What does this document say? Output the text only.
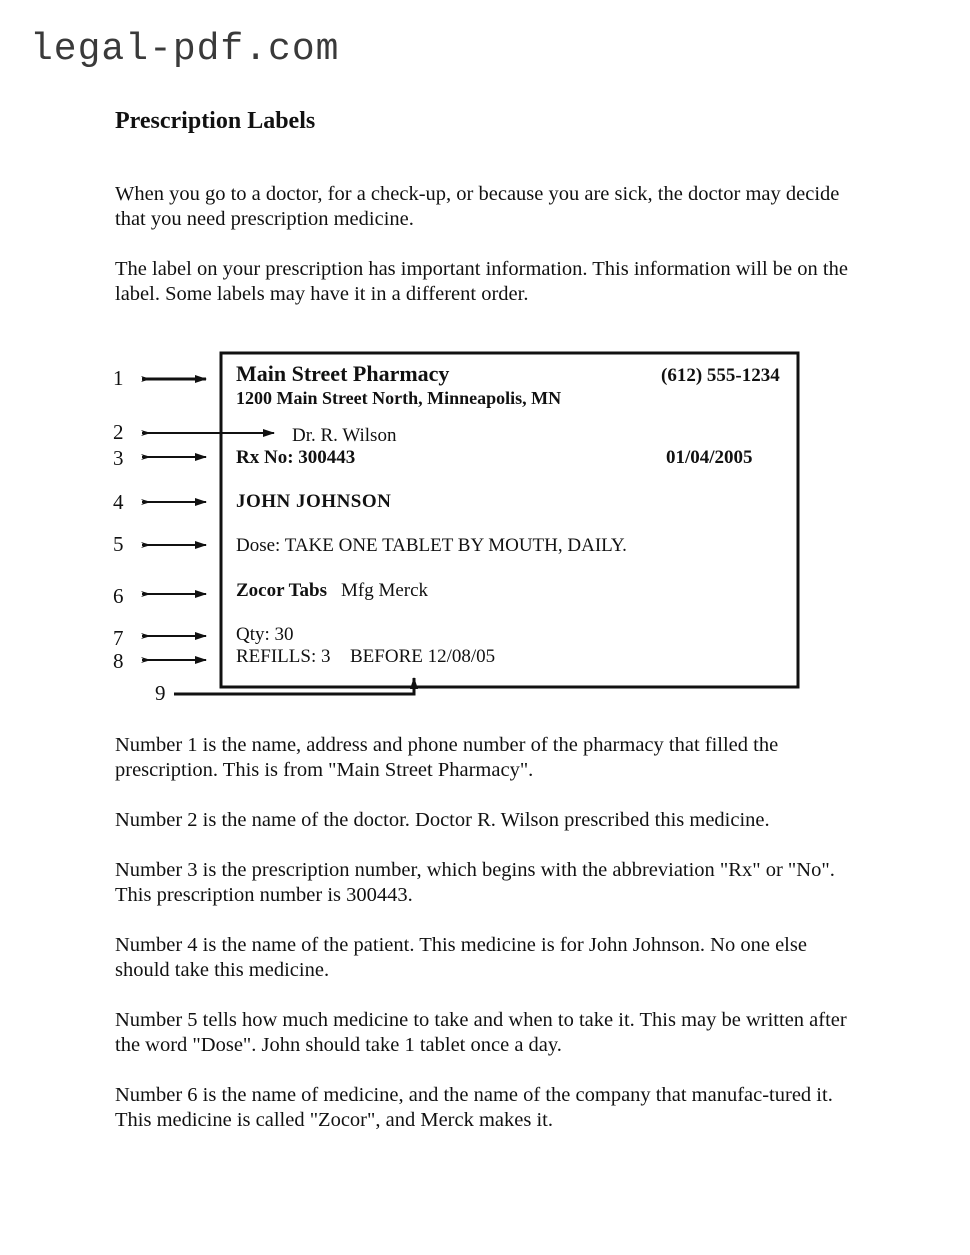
legal-pdf.com
Prescription Labels

When you go to a doctor, for a check-up, or because you are sick, the doctor may decide that you need prescription medicine.

The label on your prescription has important information. This information will be on the label. Some labels may have it in a different order.

1
2
3
4
5
6
7
8
9
Main Street Pharmacy	(612) 555-1234
1200 Main Street North, Minneapolis, MN
Dr. R. Wilson
Rx No: 300443	01/04/2005
JOHN JOHNSON
Dose: TAKE ONE TABLET BY MOUTH, DAILY.
Zocor Tabs Mfg Merck
Qty: 30
REFILLS: 3 BEFORE 12/08/05

Number 1 is the name, address and phone number of the pharmacy that filled the prescription. This is from "Main Street Pharmacy".

Number 2 is the name of the doctor. Doctor R. Wilson prescribed this medicine.

Number 3 is the prescription number, which begins with the abbreviation "Rx" or "No". This prescription number is 300443.

Number 4 is the name of the patient. This medicine is for John Johnson. No one else should take this medicine.

Number 5 tells how much medicine to take and when to take it. This may be written after the word "Dose". John should take 1 tablet once a day.

Number 6 is the name of medicine, and the name of the company that manufac-tured it. This medicine is called "Zocor", and Merck makes it.
